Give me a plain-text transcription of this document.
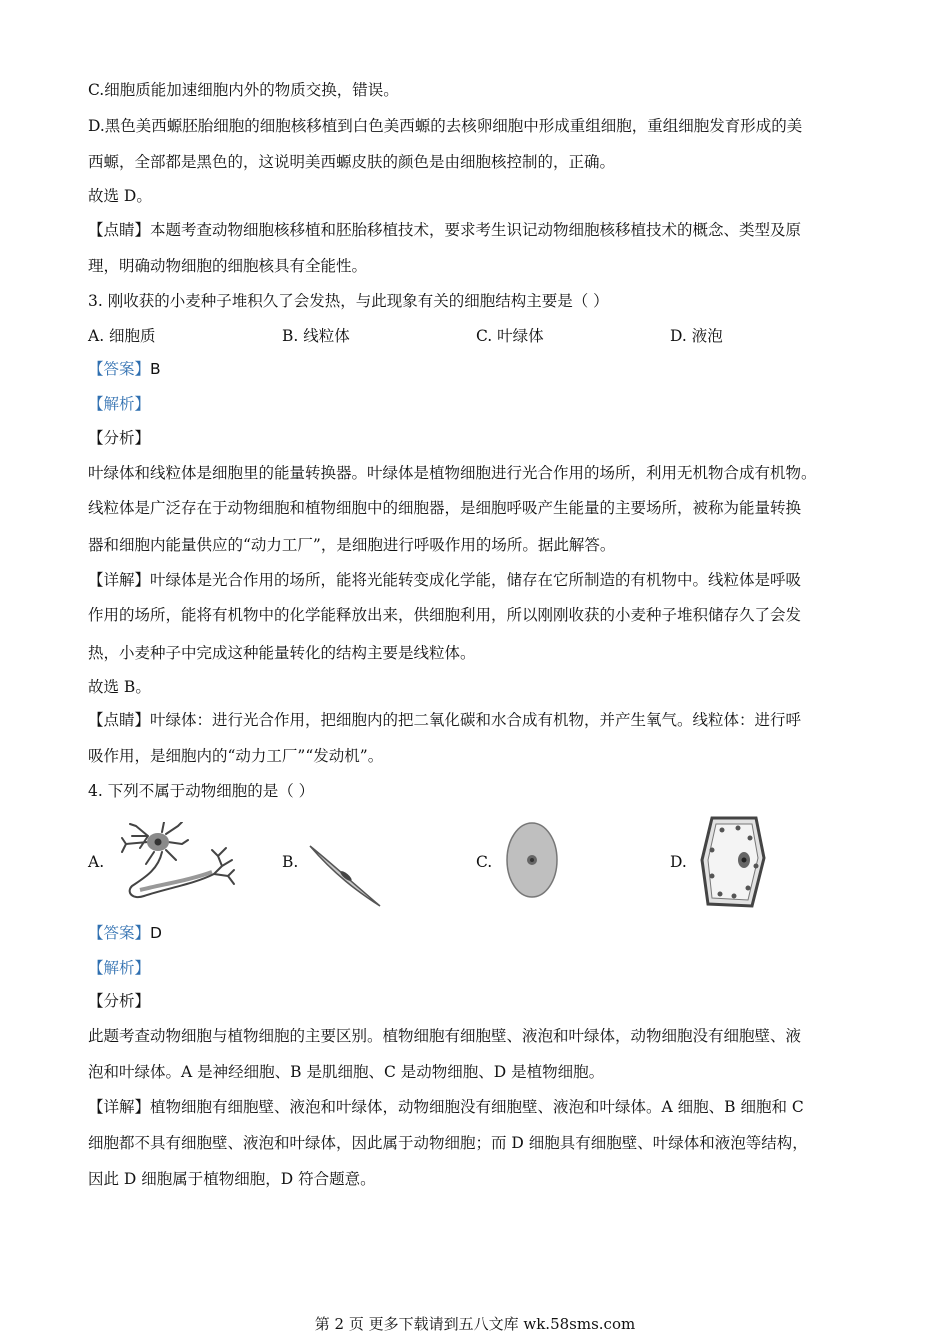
C.细胞质能加速细胞内外的物质交换，错误。
D.黑色美西螈胚胎细胞的细胞核移植到白色美西螈的去核卵细胞中形成重组细胞，重组细胞发育形成的美
西螈，全部都是黑色的，这说明美西螈皮肤的颜色是由细胞核控制的，正确。
故选 D。
【点睛】本题考查动物细胞核移植和胚胎移植技术，要求考生识记动物细胞核移植技术的概念、类型及原
理，明确动物细胞的细胞核具有全能性。
3. 刚收获的小麦种子堆积久了会发热，与此现象有关的细胞结构主要是（ ）
A. 细胞质	B. 线粒体	C. 叶绿体	D. 液泡
【答案】B
【解析】
【分析】
叶绿体和线粒体是细胞里的能量转换器。叶绿体是植物细胞进行光合作用的场所，利用无机物合成有机物。
线粒体是广泛存在于动物细胞和植物细胞中的细胞器，是细胞呼吸产生能量的主要场所，被称为能量转换
器和细胞内能量供应的“动力工厂”，是细胞进行呼吸作用的场所。据此解答。
【详解】叶绿体是光合作用的场所，能将光能转变成化学能，储存在它所制造的有机物中。线粒体是呼吸
作用的场所，能将有机物中的化学能释放出来，供细胞利用，所以刚刚收获的小麦种子堆积储存久了会发
热，小麦种子中完成这种能量转化的结构主要是线粒体。
故选 B。
【点睛】叶绿体：进行光合作用，把细胞内的把二氧化碳和水合成有机物，并产生氧气。线粒体：进行呼
吸作用，是细胞内的“动力工厂”“发动机”。
4. 下列不属于动物细胞的是（ ）
A.	B.	C.	D.
【答案】D
【解析】
【分析】
此题考查动物细胞与植物细胞的主要区别。植物细胞有细胞壁、液泡和叶绿体，动物细胞没有细胞壁、液
泡和叶绿体。A 是神经细胞、B 是肌细胞、C 是动物细胞、D 是植物细胞。
【详解】植物细胞有细胞壁、液泡和叶绿体，动物细胞没有细胞壁、液泡和叶绿体。A 细胞、B 细胞和 C
细胞都不具有细胞壁、液泡和叶绿体，因此属于动物细胞；而 D 细胞具有细胞壁、叶绿体和液泡等结构，
因此 D 细胞属于植物细胞，D 符合题意。
第 2 页 更多下载请到五八文库 wk.58sms.com
